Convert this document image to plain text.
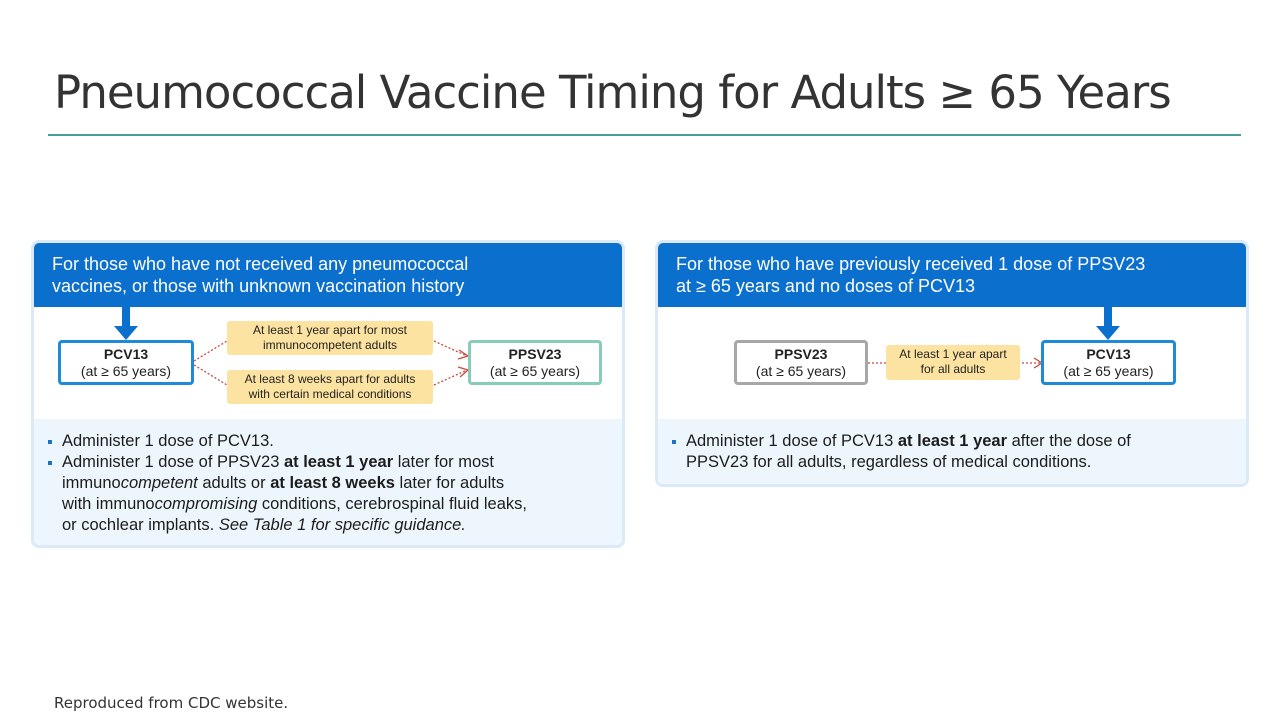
Pneumococcal Vaccine Timing for Adults ≥ 65 Years
For those who have not received any pneumococcal
vaccines, or those with unknown vaccination history
PCV13
(at ≥ 65 years)
At least 1 year apart for most
immunocompetent adults
At least 8 weeks apart for adults
with certain medical conditions
PPSV23
(at ≥ 65 years)
Administer 1 dose of PCV13.
Administer 1 dose of PPSV23 at least 1 year later for most
immunocompetent adults or at least 8 weeks later for adults
with immunocompromising conditions, cerebrospinal fluid leaks,
or cochlear implants. See Table 1 for specific guidance.
For those who have previously received 1 dose of PPSV23
at ≥ 65 years and no doses of PCV13
PPSV23
(at ≥ 65 years)
At least 1 year apart
for all adults
PCV13
(at ≥ 65 years)
Administer 1 dose of PCV13 at least 1 year after the dose of
PPSV23 for all adults, regardless of medical conditions.
Reproduced from CDC website.
